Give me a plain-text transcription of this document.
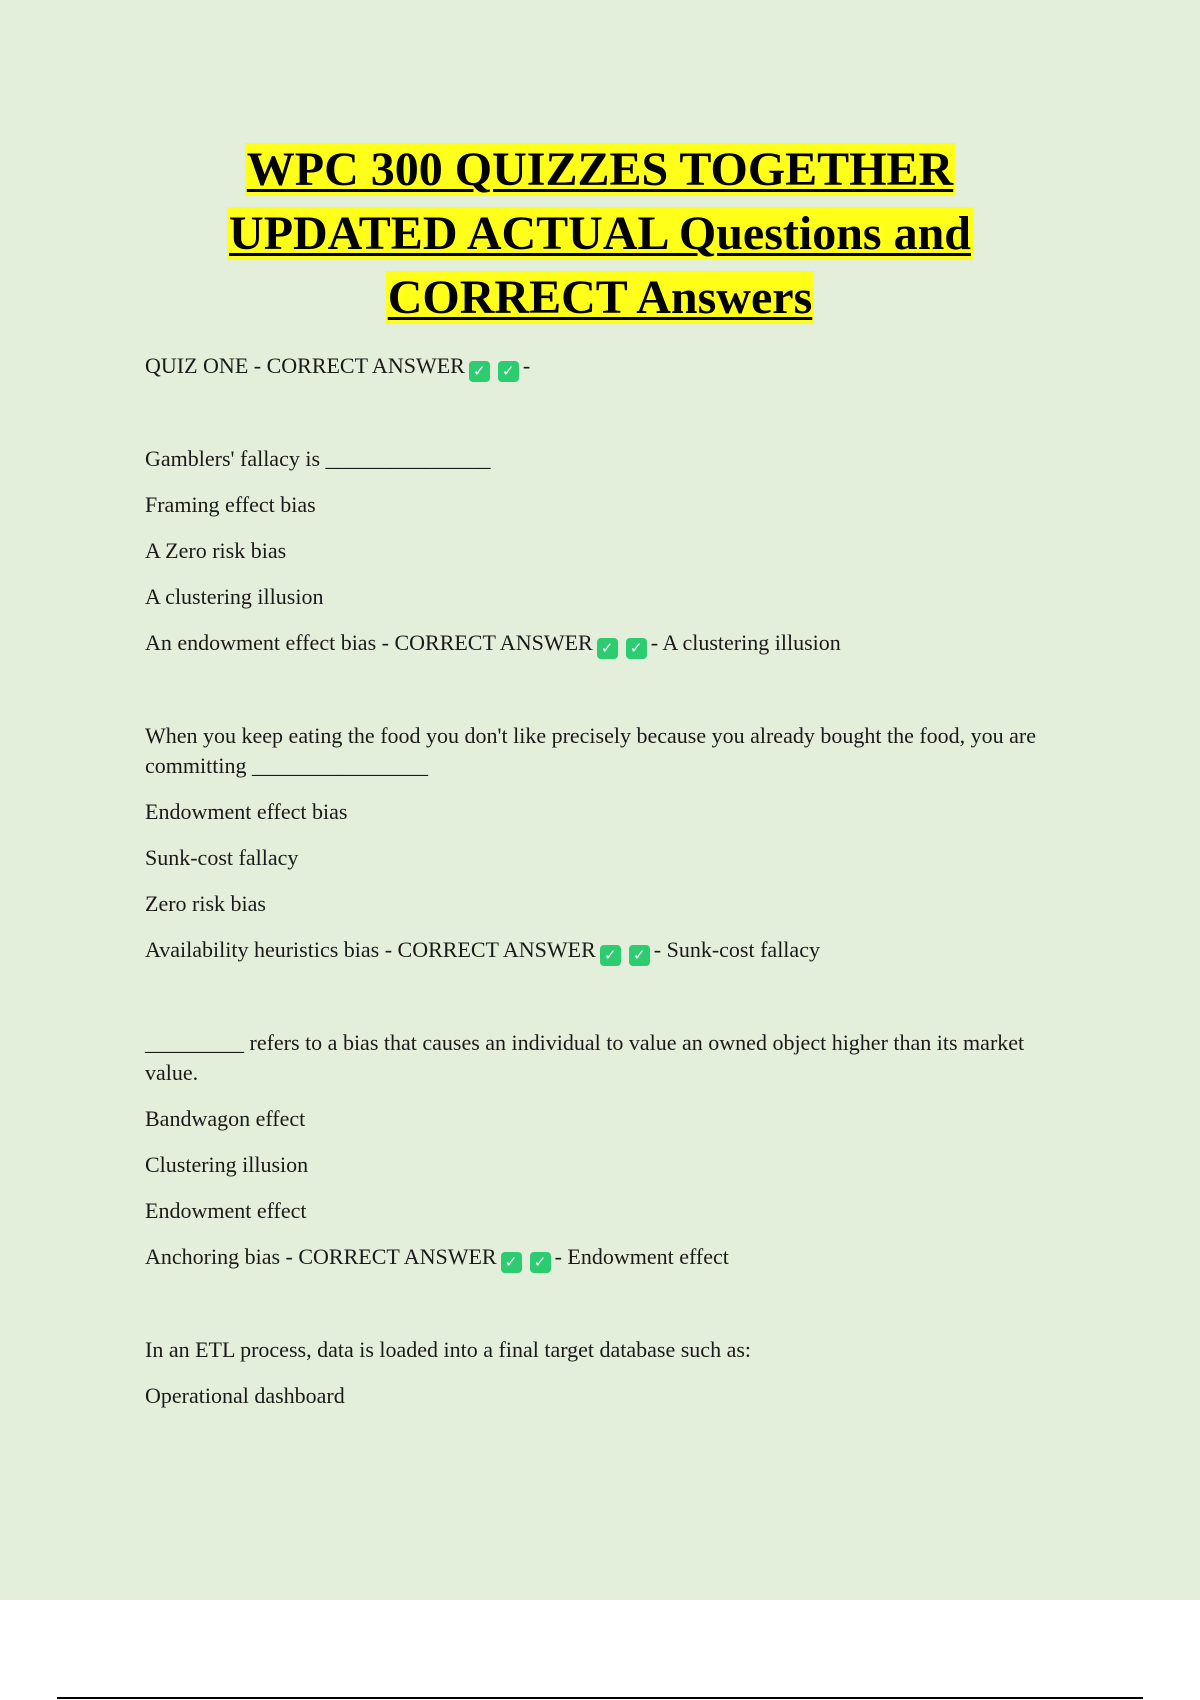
WPC 300 QUIZZES TOGETHER
UPDATED ACTUAL Questions and
CORRECT Answers
QUIZ ONE - CORRECT ANSWER ✓ ✓ -
Gamblers' fallacy is _______________
Framing effect bias
A Zero risk bias
A clustering illusion
An endowment effect bias - CORRECT ANSWER ✓ ✓ - A clustering illusion
When you keep eating the food you don't like precisely because you already bought the food, you are committing ________________
Endowment effect bias
Sunk-cost fallacy
Zero risk bias
Availability heuristics bias - CORRECT ANSWER ✓ ✓ - Sunk-cost fallacy
_________ refers to a bias that causes an individual to value an owned object higher than its market value.
Bandwagon effect
Clustering illusion
Endowment effect
Anchoring bias - CORRECT ANSWER ✓ ✓ - Endowment effect
In an ETL process, data is loaded into a final target database such as:
Operational dashboard
